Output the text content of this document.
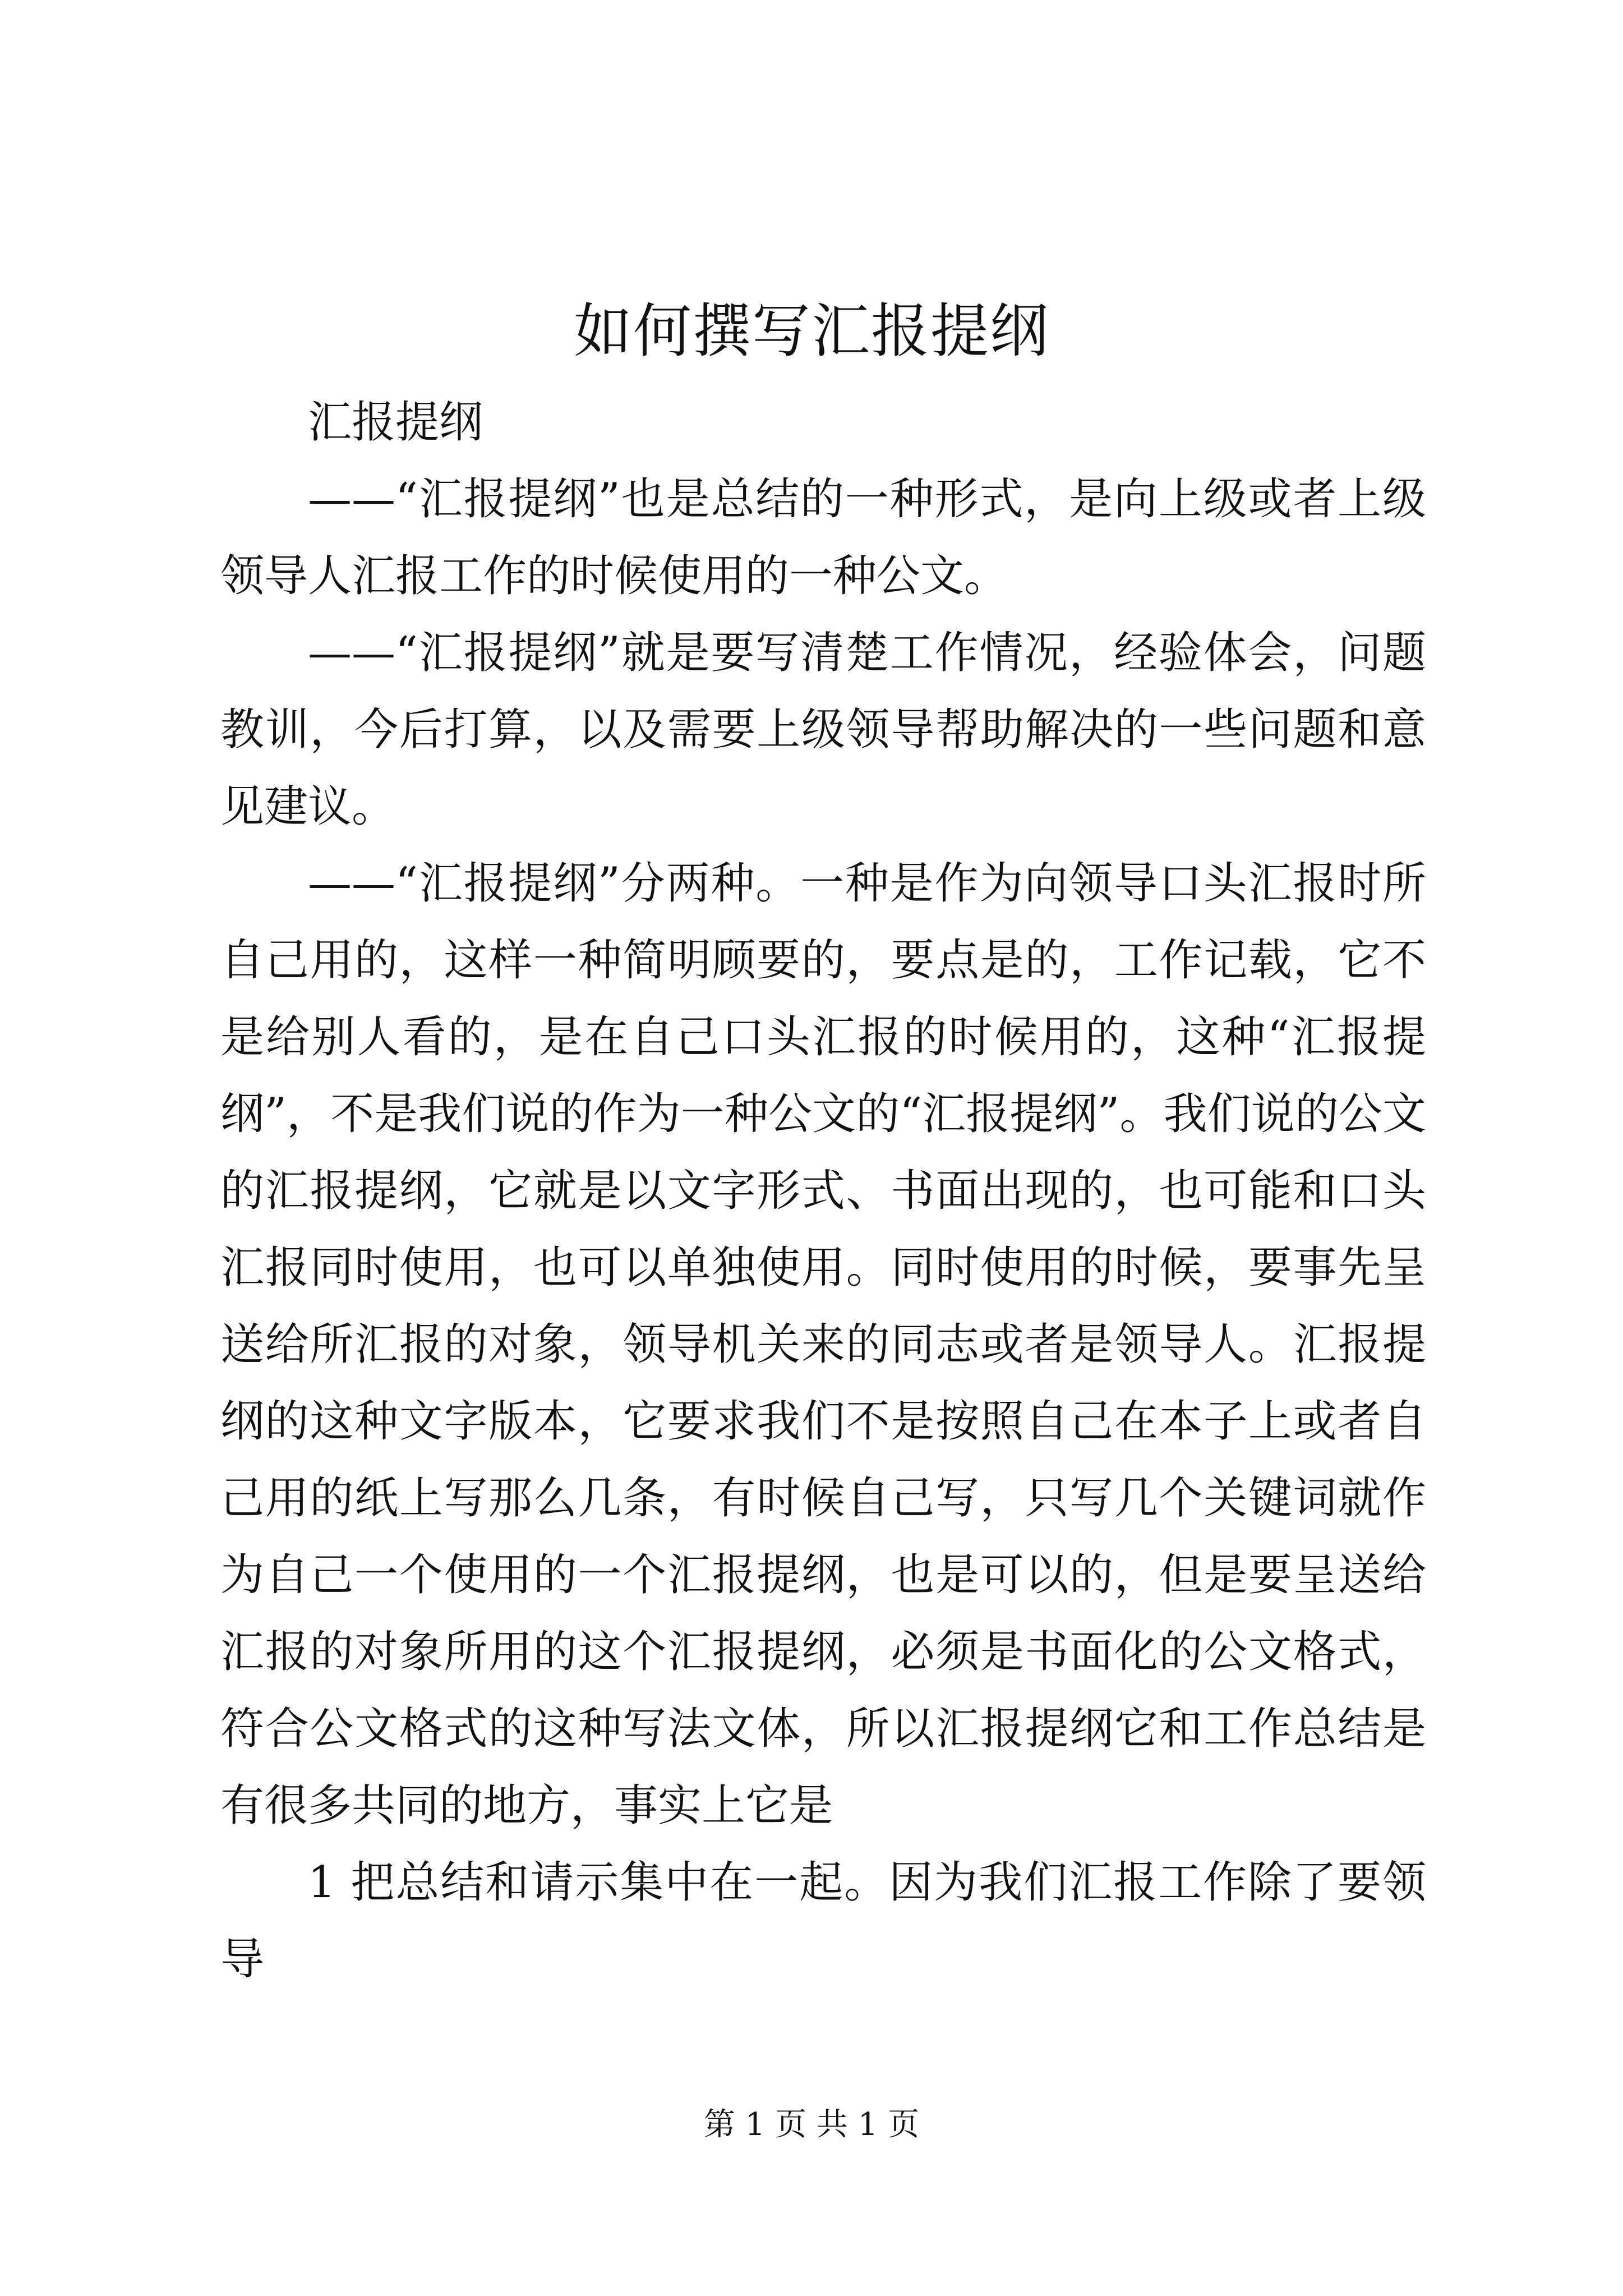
如何撰写汇报提纲

汇报提纲

——“汇报提纲”也是总结的一种形式，是向上级或者上级领导人汇报工作的时候使用的一种公文。

——“汇报提纲”就是要写清楚工作情况，经验体会，问题教训，今后打算，以及需要上级领导帮助解决的一些问题和意见建议。

——“汇报提纲”分两种。一种是作为向领导口头汇报时所自己用的，这样一种简明顾要的，要点是的，工作记载，它不是给别人看的，是在自己口头汇报的时候用的，这种“汇报提纲”，不是我们说的作为一种公文的“汇报提纲”。我们说的公文的汇报提纲，它就是以文字形式、书面出现的，也可能和口头汇报同时使用，也可以单独使用。同时使用的时候，要事先呈送给所汇报的对象，领导机关来的同志或者是领导人。汇报提纲的这种文字版本，它要求我们不是按照自己在本子上或者自己用的纸上写那么几条，有时候自己写，只写几个关键词就作为自己一个使用的一个汇报提纲，也是可以的，但是要呈送给汇报的对象所用的这个汇报提纲，必须是书面化的公文格式，符合公文格式的这种写法文体，所以汇报提纲它和工作总结是有很多共同的地方，事实上它是

1 把总结和请示集中在一起。因为我们汇报工作除了要领导

第 1 页 共 1 页
